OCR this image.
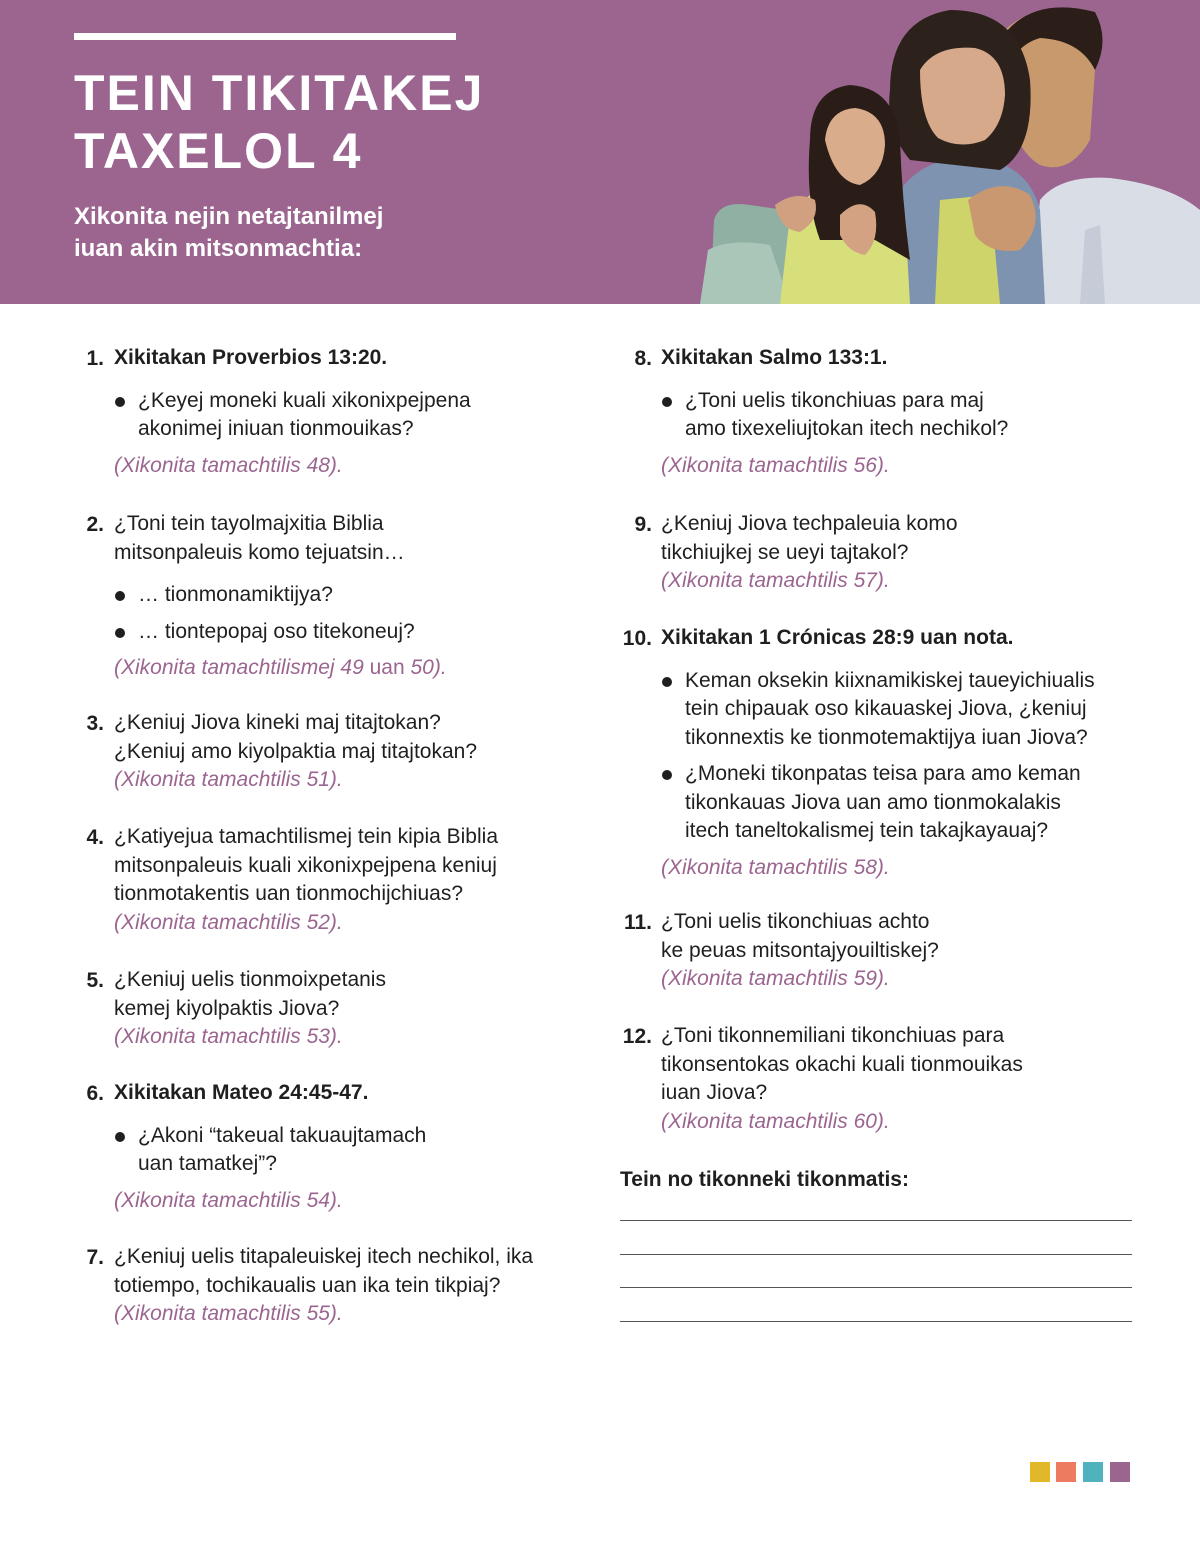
TEIN TIKITAKEJ
TAXELOL 4
Xikonita nejin netajtanilmej
iuan akin mitsonmachtia:
1. Xikitakan Proverbios 13:20.
¿Keyej moneki kuali xikonixpejpena
akonimej iniuan tionmouikas?
(Xikonita tamachtilis 48).
2. ¿Toni tein tayolmajxitia Biblia
mitsonpaleuis komo tejuatsin…
… tionmonamiktijya?
… tiontepopaj oso titekoneuj?
(Xikonita tamachtilismej 49 uan 50).
3. ¿Keniuj Jiova kineki maj titajtokan?
¿Keniuj amo kiyolpaktia maj titajtokan?
(Xikonita tamachtilis 51).
4. ¿Katiyejua tamachtilismej tein kipia Biblia
mitsonpaleuis kuali xikonixpejpena keniuj
tionmotakentis uan tionmochijchiuas?
(Xikonita tamachtilis 52).
5. ¿Keniuj uelis tionmoixpetanis
kemej kiyolpaktis Jiova?
(Xikonita tamachtilis 53).
6. Xikitakan Mateo 24:45-47.
¿Akoni “takeual takuaujtamach
uan tamatkej”?
(Xikonita tamachtilis 54).
7. ¿Keniuj uelis titapaleuiskej itech nechikol, ika
totiempo, tochikaualis uan ika tein tikpiaj?
(Xikonita tamachtilis 55).
8. Xikitakan Salmo 133:1.
¿Toni uelis tikonchiuas para maj
amo tixexeliujtokan itech nechikol?
(Xikonita tamachtilis 56).
9. ¿Keniuj Jiova techpaleuia komo
tikchiujkej se ueyi tajtakol?
(Xikonita tamachtilis 57).
10. Xikitakan 1 Crónicas 28:9 uan nota.
Keman oksekin kiixnamikiskej taueyichiualis
tein chipauak oso kikauaskej Jiova, ¿keniuj
tikonnextis ke tionmotemaktijya iuan Jiova?
¿Moneki tikonpatas teisa para amo keman
tikonkauas Jiova uan amo tionmokalakis
itech taneltokalismej tein takajkayauaj?
(Xikonita tamachtilis 58).
11. ¿Toni uelis tikonchiuas achto
ke peuas mitsontajyouiltiskej?
(Xikonita tamachtilis 59).
12. ¿Toni tikonnemiliani tikonchiuas para
tikonsentokas okachi kuali tionmouikas
iuan Jiova?
(Xikonita tamachtilis 60).
Tein no tikonneki tikonmatis:
